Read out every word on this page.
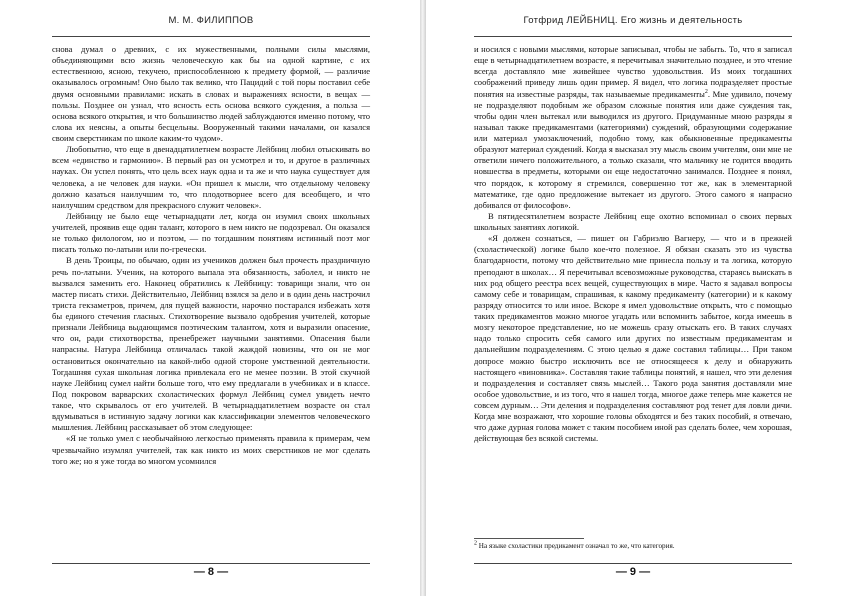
М. М. ФИЛИППОВ

снова думал о древних, с их мужественными, полными силы мыслями, объединяющими всю жизнь человеческую как бы на одной картине, с их естественною, ясною, текучею, приспособленною к предмету формой, — различие оказывалось огромным! Оно было так велико, что Пацидий с той поры поставил себе двумя основными правилами: искать в словах и выражениях ясности, в вещах — пользы. Позднее он узнал, что ясность есть основа всякого суждения, а польза — основа всякого открытия, и что большинство людей заблуждаются именно потому, что слова их неясны, а опыты бесцельны. Вооруженный такими началами, он казался своим сверстникам по школе каким-то чудом».

Любопытно, что еще в двенадцатилетнем возрасте Лейбниц любил отыскивать во всем «единство и гармонию». В первый раз он усмотрел и то, и другое в различных науках. Он успел понять, что цель всех наук одна и та же и что наука существует для человека, а не человек для науки. «Он пришел к мысли, что отдельному человеку должно казаться наилучшим то, что плодотворнее всего для всеобщего, и что наилучшим средством для прекрасного служит человек».

Лейбницу не было еще четырнадцати лет, когда он изумил своих школьных учителей, проявив еще один талант, которого в нем никто не подозревал. Он оказался не только филологом, но и поэтом, — по тогдашним понятиям истинный поэт мог писать только по-латыни или по-гречески.

В день Троицы, по обычаю, один из учеников должен был прочесть праздничную речь по-латыни. Ученик, на которого выпала эта обязанность, заболел, и никто не вызвался заменить его. Наконец обратились к Лейбницу: товарищи знали, что он мастер писать стихи. Действительно, Лейбниц взялся за дело и в один день настрочил триста гекзаметров, причем, для пущей важности, нарочно постарался избежать хотя бы единого стечения гласных. Стихотворение вызвало одобрения учителей, которые признали Лейбница выдающимся поэтическим талантом, хотя и выразили опасение, что он, ради стихотворства, пренебрежет научными занятиями. Опасения были напрасны. Натура Лейбница отличалась такой жаждой новизны, что он не мог остановиться окончательно на какой-либо одной стороне умственной деятельности. Тогдашняя сухая школьная логика привлекала его не менее поэзии. В этой скучной науке Лейбниц сумел найти больше того, что ему предлагали в учебниках и в классе. Под покровом варварских схоластических формул Лейбниц сумел увидеть нечто такое, что скрывалось от его учителей. В четырнадцатилетнем возрасте он стал вдумываться в истинную задачу логики как классификации элементов человеческого мышления. Лейбниц рассказывает об этом следующее:

«Я не только умел с необычайною легкостью применять правила к примерам, чем чрезвычайно изумлял учителей, так как никто из моих сверстников не мог сделать того же; но я уже тогда во многом усомнился

— 8 —
Готфрид ЛЕЙБНИЦ. Его жизнь и деятельность

и носился с новыми мыслями, которые записывал, чтобы не забыть. То, что я записал еще в четырнадцатилетнем возрасте, я перечитывал значительно позднее, и это чтение всегда доставляло мне живейшее чувство удовольствия. Из моих тогдашних соображений приведу лишь один пример. Я видел, что логика подразделяет простые понятия на известные разряды, так называемые предикаменты$^2$. Мне удивило, почему не подразделяют подобным же образом сложные понятия или даже суждения так, чтобы один член вытекал или выводился из другого. Придуманные мною разряды я называл также предикаментами (категориями) суждений, образующими содержание или материал умозаключений, подобно тому, как обыкновенные предикаменты образуют материал суждений. Когда я высказал эту мысль своим учителям, они мне не ответили ничего положительного, а только сказали, что мальчику не годится вводить новшества в предметы, которыми он еще недостаточно занимался. Позднее я понял, что порядок, к которому я стремился, совершенно тот же, как в элементарной математике, где одно предложение вытекает из другого. Этого самого я напрасно добивался от философов».

В пятидесятилетнем возрасте Лейбниц еще охотно вспоминал о своих первых школьных занятиях логикой.

«Я должен сознаться, — пишет он Габриэлю Вагнеру, — что и в прежней (схоластической) логике было кое-что полезное. Я обязан сказать это из чувства благодарности, потому что действительно мне принесла пользу и та логика, которую преподают в школах… Я перечитывал всевозможные руководства, стараясь выискать в них род общего реестра всех вещей, существующих в мире. Часто я задавал вопросы самому себе и товарищам, спрашивая, к какому предикаменту (категории) и к какому разряду относится то или иное. Вскоре я имел удовольствие открыть, что с помощью таких предикаментов можно многое угадать или вспомнить забытое, когда имеешь в мозгу некоторое представление, но не можешь сразу отыскать его. В таких случаях надо только спросить себя самого или других по известным предикаментам и дальнейшим подразделениям. С этою целью я даже составил таблицы… При таком допросе можно быстро исключить все не относящееся к делу и обнаружить настоящего «виновника». Составляя такие таблицы понятий, я нашел, что эти деления и подразделения и составляет связь мыслей… Такого рода занятия доставляли мне особое удовольствие, и из того, что я нашел тогда, многое даже теперь мне кажется не совсем дурным… Эти деления и подразделения составляют род тенет для ловли дичи. Когда мне возражают, что хорошие головы обходятся и без таких пособий, я отвечаю, что даже дурная голова может с таким пособием иной раз сделать более, чем хорошая, действующая без всякой системы.

$^2$ На языке схоластики предикамент означал то же, что категория.
— 9 —
